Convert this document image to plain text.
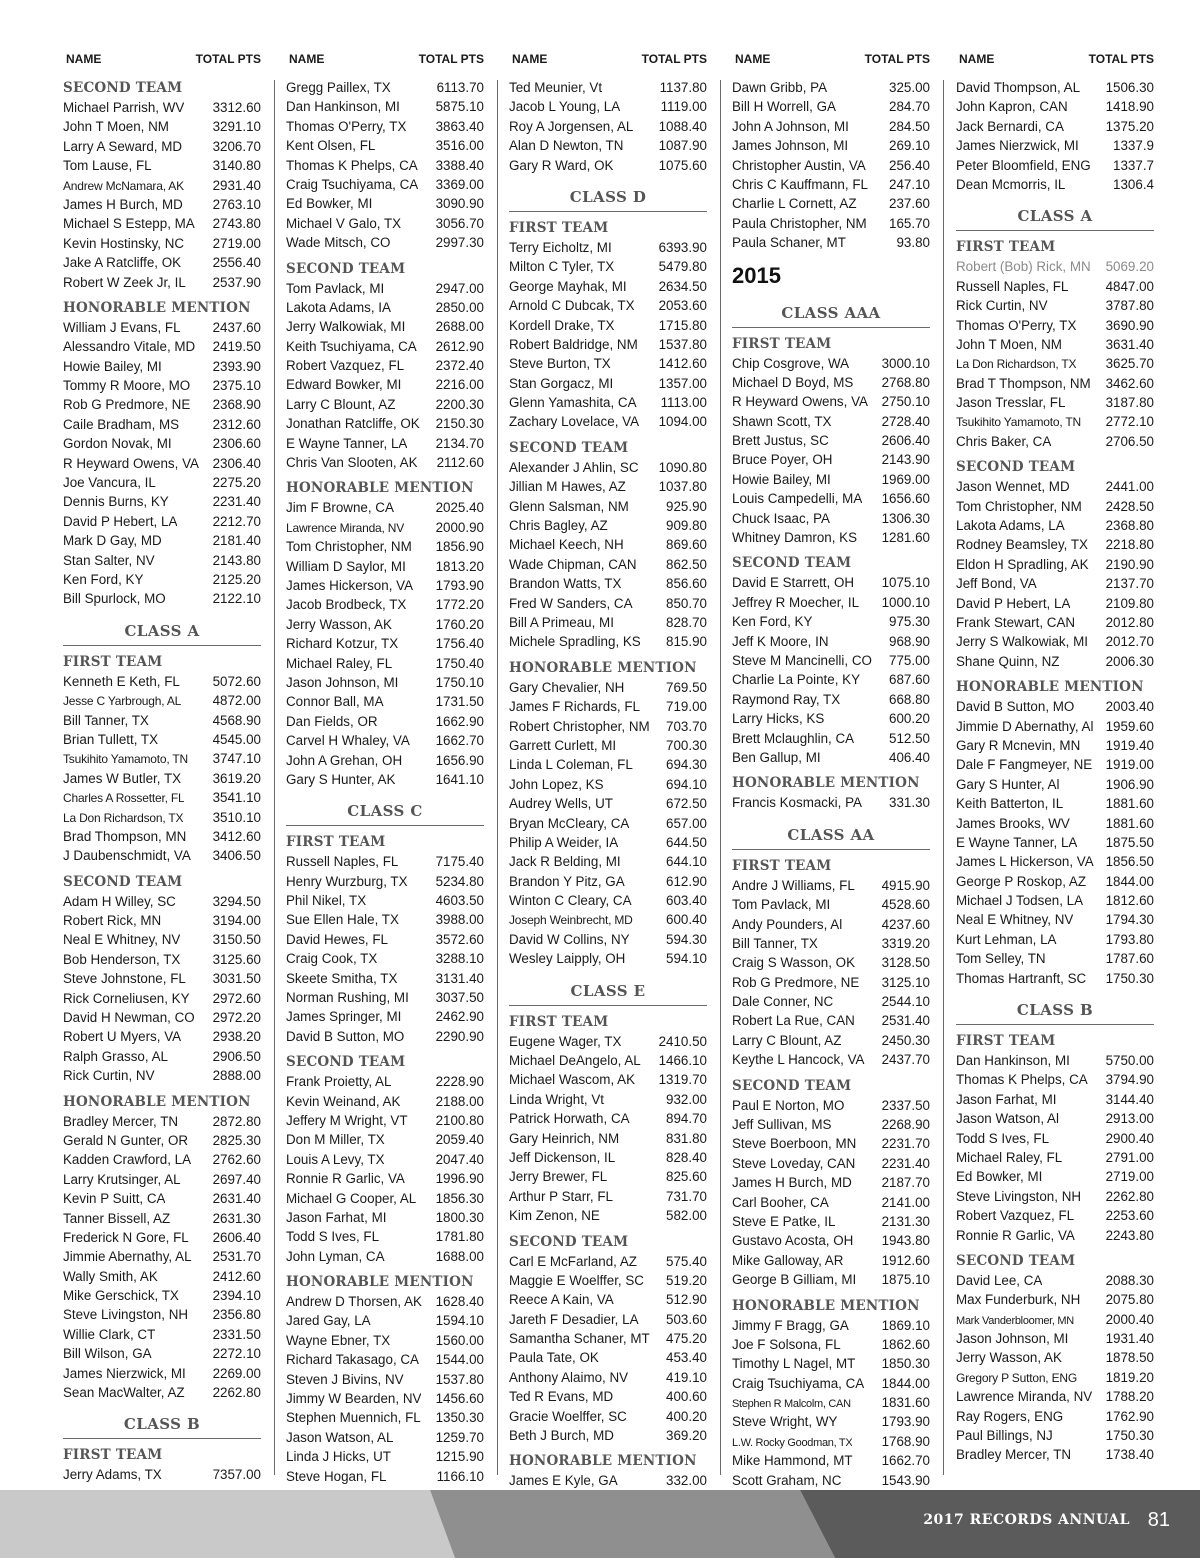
NAME	TOTAL PTS
SECOND TEAM
Michael Parrish, WV 3312.60
John T Moen, NM	3291.10
Larry A Seward, MD 3206.70
Tom Lause, FL	3140.80
Andrew McNamara, AK 2931.40
James H Burch, MD 2763.10
Michael S Estepp, MA 2743.80
Kevin Hostinsky, NC 2719.00
Jake A Ratcliffe, OK 2556.40
Robert W Zeek Jr, IL 2537.90
HONORABLE MENTION
William J Evans, FL 2437.60
Alessandro Vitale, MD 2419.50
Howie Bailey, MI	2393.90
Tommy R Moore, MO 2375.10
Rob G Predmore, NE 2368.90
Caile Bradham, MS 2312.60
Gordon Novak, MI	2306.60
R Heyward Owens, VA 2306.40
Joe Vancura, IL	2275.20
Dennis Burns, KY	2231.40
David P Hebert, LA	2212.70
Mark D Gay, MD	2181.40
Stan Salter, NV	2143.80
Ken Ford, KY	2125.20
Bill Spurlock, MO	2122.10
CLASS A
FIRST TEAM
Kenneth E Keth, FL 5072.60
Jesse C Yarbrough, AL 4872.00
Bill Tanner, TX	4568.90
Brian Tullett, TX	4545.00
Tsukihito Yamamoto, TN 3747.10
James W Butler, TX 3619.20
Charles A Rossetter, FL 3541.10
La Don Richardson, TX 3510.10
Brad Thompson, MN 3412.60
J Daubenschmidt, VA 3406.50
SECOND TEAM
Adam H Willey, SC	3294.50
Robert Rick, MN	3194.00
Neal E Whitney, NV 3150.50
Bob Henderson, TX 3125.60
Steve Johnstone, FL 3031.50
Rick Corneliusen, KY 2972.60
David H Newman, CO 2972.20
Robert U Myers, VA 2938.20
Ralph Grasso, AL	2906.50
Rick Curtin, NV	2888.00
HONORABLE MENTION
Bradley Mercer, TN	2872.80
Gerald N Gunter, OR 2825.30
Kadden Crawford, LA 2762.60
Larry Krutsinger, AL 2697.40
Kevin P Suitt, CA	2631.40
Tanner Bissell, AZ	2631.30
Frederick N Gore, FL 2606.40
Jimmie Abernathy, AL 2531.70
Wally Smith, AK	2412.60
Mike Gerschick, TX	2394.10
Steve Livingston, NH 2356.80
Willie Clark, CT	2331.50
Bill Wilson, GA	2272.10
James Nierzwick, MI 2269.00
Sean MacWalter, AZ 2262.80
CLASS B
FIRST TEAM
Jerry Adams, TX	7357.00
NAME	TOTAL PTS
Gregg Paillex, TX	6113.70
Dan Hankinson, MI	5875.10
Thomas O'Perry, TX 3863.40
Kent Olsen, FL	3516.00
Thomas K Phelps, CA 3388.40
Craig Tsuchiyama, CA 3369.00
Ed Bowker, MI	3090.90
Michael V Galo, TX	3056.70
Wade Mitsch, CO	2997.30
SECOND TEAM
Tom Pavlack, MI	2947.00
Lakota Adams, IA	2850.00
Jerry Walkowiak, MI 2688.00
Keith Tsuchiyama, CA 2612.90
Robert Vazquez, FL 2372.40
Edward Bowker, MI	2216.00
Larry C Blount, AZ	2200.30
Jonathan Ratcliffe, OK 2150.30
E Wayne Tanner, LA 2134.70
Chris Van Slooten, AK 2112.60
HONORABLE MENTION
Jim F Browne, CA	2025.40
Lawrence Miranda, NV 2000.90
Tom Christopher, NM 1856.90
William D Saylor, MI 1813.20
James Hickerson, VA 1793.90
Jacob Brodbeck, TX 1772.20
Jerry Wasson, AK	1760.20
Richard Kotzur, TX	1756.40
Michael Raley, FL	1750.40
Jason Johnson, MI	1750.10
Connor Ball, MA	1731.50
Dan Fields, OR	1662.90
Carvel H Whaley, VA 1662.70
John A Grehan, OH 1656.90
Gary S Hunter, AK	1641.10
CLASS C
FIRST TEAM
Russell Naples, FL	7175.40
Henry Wurzburg, TX 5234.80
Phil Nikel, TX	4603.50
Sue Ellen Hale, TX	3988.00
David Hewes, FL	3572.60
Craig Cook, TX	3288.10
Skeete Smitha, TX	3131.40
Norman Rushing, MI 3037.50
James Springer, MI	2462.90
David B Sutton, MO 2290.90
SECOND TEAM
Frank Proietty, AL	2228.90
Kevin Weinand, AK	2188.00
Jeffery M Wright, VT 2100.80
Don M Miller, TX	2059.40
Louis A Levy, TX	2047.40
Ronnie R Garlic, VA 1996.90
Michael G Cooper, AL 1856.30
Jason Farhat, MI	1800.30
Todd S Ives, FL	1781.80
John Lyman, CA	1688.00
HONORABLE MENTION
Andrew D Thorsen, AK 1628.40
Jared Gay, LA	1594.10
Wayne Ebner, TX	1560.00
Richard Takasago, CA 1544.00
Steven J Bivins, NV 1537.80
Jimmy W Bearden, NV 1456.60
Stephen Muennich, FL 1350.30
Jason Watson, AL	1259.70
Linda J Hicks, UT	1215.90
Steve Hogan, FL	1166.10
NAME	TOTAL PTS
Ted Meunier, Vt	1137.80
Jacob L Young, LA	1119.00
Roy A Jorgensen, AL 1088.40
Alan D Newton, TN	1087.90
Gary R Ward, OK	1075.60
CLASS D
FIRST TEAM
Terry Eicholtz, MI	6393.90
Milton C Tyler, TX	5479.80
George Mayhak, MI 2634.50
Arnold C Dubcak, TX 2053.60
Kordell Drake, TX	1715.80
Robert Baldridge, NM 1537.80
Steve Burton, TX	1412.60
Stan Gorgacz, MI	1357.00
Glenn Yamashita, CA 1113.00
Zachary Lovelace, VA 1094.00
SECOND TEAM
Alexander J Ahlin, SC 1090.80
Jillian M Hawes, AZ 1037.80
Glenn Salsman, NM	925.90
Chris Bagley, AZ	909.80
Michael Keech, NH	869.60
Wade Chipman, CAN 862.50
Brandon Watts, TX	856.60
Fred W Sanders, CA	850.70
Bill A Primeau, MI	828.70
Michele Spradling, KS 815.90
HONORABLE MENTION
Gary Chevalier, NH	769.50
James F Richards, FL 719.00
Robert Christopher, NM 703.70
Garrett Curlett, MI	700.30
Linda L Coleman, FL 694.30
John Lopez, KS	694.10
Audrey Wells, UT	672.50
Bryan McCleary, CA	657.00
Philip A Weider, IA	644.50
Jack R Belding, MI	644.10
Brandon Y Pitz, GA	612.90
Winton C Cleary, CA	603.40
Joseph Weinbrecht, MD 600.40
David W Collins, NY	594.30
Wesley Laipply, OH	594.10
CLASS E
FIRST TEAM
Eugene Wager, TX	2410.50
Michael DeAngelo, AL 1466.10
Michael Wascom, AK 1319.70
Linda Wright, Vt	932.00
Patrick Horwath, CA	894.70
Gary Heinrich, NM	831.80
Jeff Dickenson, IL	828.40
Jerry Brewer, FL	825.60
Arthur P Starr, FL	731.70
Kim Zenon, NE	582.00
SECOND TEAM
Carl E McFarland, AZ 575.40
Maggie E Woelffer, SC 519.20
Reece A Kain, VA	512.90
Jareth F Desadier, LA 503.60
Samantha Schaner, MT 475.20
Paula Tate, OK	453.40
Anthony Alaimo, NV	419.10
Ted R Evans, MD	400.60
Gracie Woelffer, SC	400.20
Beth J Burch, MD	369.20
HONORABLE MENTION
James E Kyle, GA	332.00
NAME	TOTAL PTS
Dawn Gribb, PA	325.00
Bill H Worrell, GA	284.70
John A Johnson, MI	284.50
James Johnson, MI	269.10
Christopher Austin, VA 256.40
Chris C Kauffmann, FL 247.10
Charlie L Cornett, AZ 237.60
Paula Christopher, NM 165.70
Paula Schaner, MT	93.80
2015
CLASS AAA
FIRST TEAM
Chip Cosgrove, WA 3000.10
Michael D Boyd, MS 2768.80
R Heyward Owens, VA 2750.10
Shawn Scott, TX	2728.40
Brett Justus, SC	2606.40
Bruce Poyer, OH	2143.90
Howie Bailey, MI	1969.00
Louis Campedelli, MA 1656.60
Chuck Isaac, PA	1306.30
Whitney Damron, KS 1281.60
SECOND TEAM
David E Starrett, OH 1075.10
Jeffrey R Moecher, IL 1000.10
Ken Ford, KY	975.30
Jeff K Moore, IN	968.90
Steve M Mancinelli, CO 775.00
Charlie La Pointe, KY 687.60
Raymond Ray, TX	668.80
Larry Hicks, KS	600.20
Brett Mclaughlin, CA	512.50
Ben Gallup, MI	406.40
HONORABLE MENTION
Francis Kosmacki, PA 331.30
CLASS AA
FIRST TEAM
Andre J Williams, FL 4915.90
Tom Pavlack, MI	4528.60
Andy Pounders, Al	4237.60
Bill Tanner, TX	3319.20
Craig S Wasson, OK 3128.50
Rob G Predmore, NE 3125.10
Dale Conner, NC	2544.10
Robert La Rue, CAN 2531.40
Larry C Blount, AZ	2450.30
Keythe L Hancock, VA 2437.70
SECOND TEAM
Paul E Norton, MO	2337.50
Jeff Sullivan, MS	2268.90
Steve Boerboon, MN 2231.70
Steve Loveday, CAN 2231.40
James H Burch, MD 2187.70
Carl Booher, CA	2141.00
Steve E Patke, IL	2131.30
Gustavo Acosta, OH 1943.80
Mike Galloway, AR	1912.60
George B Gilliam, MI 1875.10
HONORABLE MENTION
Jimmy F Bragg, GA 1869.10
Joe F Solsona, FL	1862.60
Timothy L Nagel, MT 1850.30
Craig Tsuchiyama, CA 1844.00
Stephen R Malcolm, CAN 1831.60
Steve Wright, WY	1793.90
L.W. Rocky Goodman, TX 1768.90
Mike Hammond, MT 1662.70
Scott Graham, NC	1543.90
NAME	TOTAL PTS
David Thompson, AL 1506.30
John Kapron, CAN	1418.90
Jack Bernardi, CA	1375.20
James Nierzwick, MI	1337.9
Peter Bloomfield, ENG 1337.7
Dean Mcmorris, IL	1306.4
CLASS A
FIRST TEAM
Robert (Bob) Rick, MN 5069.20
Russell Naples, FL	4847.00
Rick Curtin, NV	3787.80
Thomas O'Perry, TX 3690.90
John T Moen, NM	3631.40
La Don Richardson, TX 3625.70
Brad T Thompson, NM 3462.60
Jason Tresslar, FL	3187.80
Tsukihito Yamamoto, TN 2772.10
Chris Baker, CA	2706.50
SECOND TEAM
Jason Wennet, MD	2441.00
Tom Christopher, NM 2428.50
Lakota Adams, LA	2368.80
Rodney Beamsley, TX 2218.80
Eldon H Spradling, AK 2190.90
Jeff Bond, VA	2137.70
David P Hebert, LA	2109.80
Frank Stewart, CAN 2012.80
Jerry S Walkowiak, MI 2012.70
Shane Quinn, NZ	2006.30
HONORABLE MENTION
David B Sutton, MO 2003.40
Jimmie D Abernathy, Al 1959.60
Gary R Mcnevin, MN 1919.40
Dale F Fangmeyer, NE 1919.00
Gary S Hunter, Al	1906.90
Keith Batterton, IL	1881.60
James Brooks, WV	1881.60
E Wayne Tanner, LA 1875.50
James L Hickerson, VA 1856.50
George P Roskop, AZ 1844.00
Michael J Todsen, LA 1812.60
Neal E Whitney, NV 1794.30
Kurt Lehman, LA	1793.80
Tom Selley, TN	1787.60
Thomas Hartranft, SC 1750.30
CLASS B
FIRST TEAM
Dan Hankinson, MI	5750.00
Thomas K Phelps, CA 3794.90
Jason Farhat, MI	3144.40
Jason Watson, Al	2913.00
Todd S Ives, FL	2900.40
Michael Raley, FL	2791.00
Ed Bowker, MI	2719.00
Steve Livingston, NH 2262.80
Robert Vazquez, FL 2253.60
Ronnie R Garlic, VA 2243.80
SECOND TEAM
David Lee, CA	2088.30
Max Funderburk, NH 2075.80
Mark Vanderbloomer, MN 2000.40
Jason Johnson, MI	1931.40
Jerry Wasson, AK	1878.50
Gregory P Sutton, ENG 1819.20
Lawrence Miranda, NV 1788.20
Ray Rogers, ENG	1762.90
Paul Billings, NJ	1750.30
Bradley Mercer, TN	1738.40
2017 RECORDS ANNUAL 81
